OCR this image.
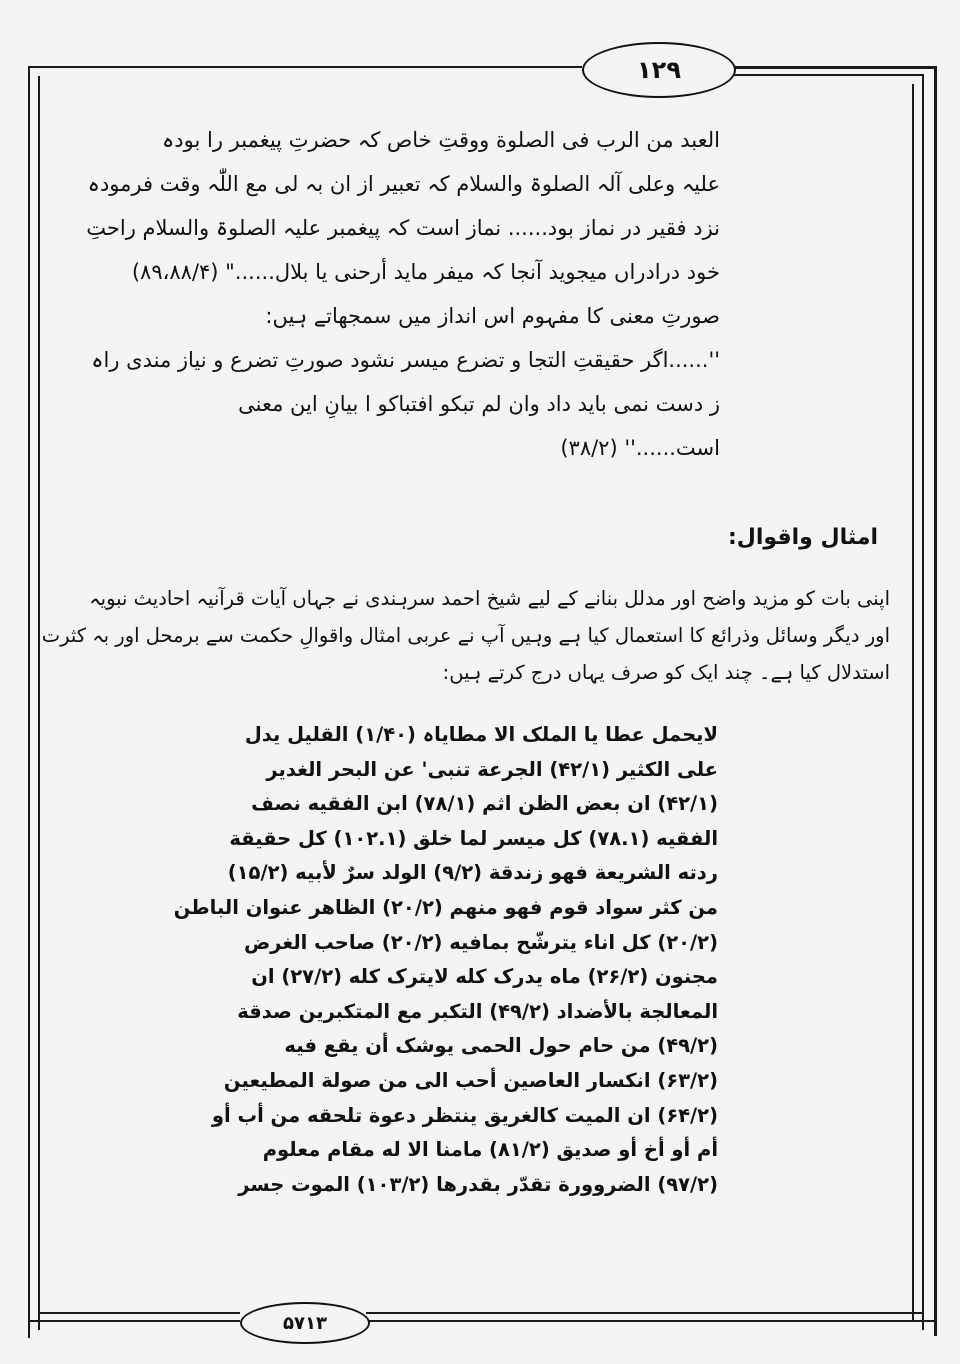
۱۲۹
العبد من الرب فى الصلوة ووقتِ خاص کہ حضرتِ پیغمبر را بودہ
علیہ وعلی آلہ الصلوۃ والسلام کہ تعبیر از ان بہ لی مع اللّٰہ وقت فرمودہ
نزد فقیر در نماز بود...... نماز است کہ پیغمبر علیہ الصلوۃ والسلام راحتِ
خود درادراں میجوید آنجا کہ میفر ماید أرحنى یا بلال......" (۸۹،۸۸/۴)
صورتِ معنی کا مفہوم اس انداز میں سمجھاتے ہیں:
''......اگر حقیقتِ التجا و تضرع میسر نشود صورتِ تضرع و نیاز مندی راہ
ز دست نمی باید داد وان لم تبکو افتباکو ا بیانِ این معنی
است......'' (۳۸/۲)
امثال واقوال:
اپنی بات کو مزید واضح اور مدلل بنانے کے لیے شیخ احمد سرہندی نے جہاں آیات قرآنیہ احادیث نبویہ
اور دیگر وسائل وذرائع کا استعمال کیا ہے وہیں آپ نے عربی امثال واقوالِ حکمت سے برمحل اور بہ کثرت
استدلال کیا ہے۔ چند ایک کو صرف یہاں درج کرتے ہیں:
لایحمل عطا یا الملک الا مطایاہ (۱/۴۰) القلیل یدل
على الكثیر (۴۲/۱) الجرعة تنبی' عن البحر الغدیر
(۴۲/۱) ان بعض الظن اثم (۷۸/۱) ابن الفقیه نصف
الفقیه (۷۸.۱) کل میسر لما خلق (۱۰۲.۱) کل حقیقة
ردته الشریعة فهو زندقة (۹/۲) الولد سرٌ لأبیه (۱۵/۲)
من كثر سواد قوم فهو منهم (۲۰/۲) الظاهر عنوان الباطن
(۲۰/۲) کل اناء یترشّح بمافیه (۲۰/۲) صاحب الغرض
مجنون (۲۶/۲) ماه یدرک کله لایترک کله (۲۷/۲) ان
المعالجة بالأضداد (۴۹/۲) التكبر مع المتكبرین صدقة
(۴۹/۲) من حام حول الحمی یوشک أن یقع فیه
(۶۳/۲) انكسار العاصین أحب الى من صولة المطیعین
(۶۴/۲) ان المیت كالغریق ینتظر دعوة تلحقه من أب أو
أم أو أخ أو صدیق (۸۱/۲) مامنا الا له مقام معلوم
(۹۷/۲) الضروورة تقدّر بقدرها (۱۰۳/۲) الموت جسر
۵۷۱۳
